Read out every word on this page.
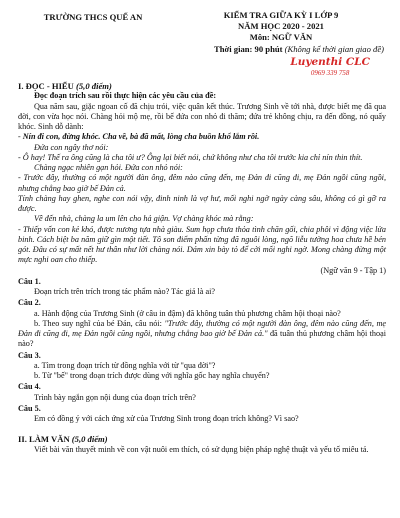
TRƯỜNG THCS QUẾ AN	KIỂM TRA GIỮA KỲ I LỚP 9
NĂM HỌC 2020 - 2021
Môn: NGỮ VĂN
Thời gian: 90 phút (Không kể thời gian giao đề)
Luyenthi CLC
0969 339 758
I. ĐỌC - HIỂU (5,0 điểm)

Đọc đoạn trích sau rồi thực hiện các yêu cầu của đề:

Qua năm sau, giặc ngoan cố đã chịu trói, việc quân kết thúc. Trương Sinh về tới nhà, được biết mẹ đã qua đời, con vừa học nói. Chàng hỏi mộ mẹ, rồi bế đứa con nhỏ đi thăm; đứa trẻ không chịu, ra đến đồng, nó quấy khóc. Sinh dỗ dành:

- Nín đi con, đừng khóc. Cha về, bà đã mất, lòng cha buồn khổ lắm rồi.

Đứa con ngây thơ nói:

- Ô hay! Thế ra ông cũng là cha tôi ư? Ông lại biết nói, chứ không như cha tôi trước kia chỉ nín thin thít.

Chàng ngạc nhiên gạn hỏi. Đứa con nhỏ nói:

- Trước đây, thường có một người đàn ông, đêm nào cũng đến, mẹ Đản đi cũng đi, mẹ Đản ngồi cũng ngồi, nhưng chẳng bao giờ bế Đản cả.

Tính chàng hay ghen, nghe con nói vậy, đinh ninh là vợ hư, mối nghi ngờ ngày càng sâu, không có gì gỡ ra được.

Về đến nhà, chàng la um lên cho hả giận. Vợ chàng khóc mà rằng:

- Thiếp vốn con kẻ khó, được nương tựa nhà giàu. Sum họp chưa thỏa tình chăn gối, chia phôi vì động việc lửa binh. Cách biệt ba năm giữ gìn một tiết. Tô son điểm phấn từng đã nguôi lòng, ngõ liễu tường hoa chưa hề bén gót. Đâu có sự mất nết hư thân như lời chàng nói. Dám xin bày tỏ để cởi mối nghi ngờ. Mong chàng đừng một mực nghi oan cho thiếp.

(Ngữ văn 9 - Tập 1)

Câu 1.

Đoạn trích trên trích trong tác phẩm nào? Tác giả là ai?

Câu 2.

a. Hành động của Trương Sinh (ở câu in đậm) đã không tuân thủ phương châm hội thoại nào?

b. Theo suy nghĩ của bé Đản, câu nói: "Trước đây, thường có một người đàn ông, đêm nào cũng đến, mẹ Đản đi cũng đi, mẹ Đản ngồi cũng ngồi, nhưng chẳng bao giờ bế Đản cả." đã tuân thủ phương châm hội thoại nào?

Câu 3.

a. Tìm trong đoạn trích từ đồng nghĩa với từ "qua đời"?

b. Từ "bế" trong đoạn trích được dùng với nghĩa gốc hay nghĩa chuyển?

Câu 4.

Trình bày ngắn gọn nội dung của đoạn trích trên?

Câu 5.

Em có đồng ý với cách ứng xử của Trương Sinh trong đoạn trích không? Vì sao?

II. LÀM VĂN (5,0 điểm)

Viết bài văn thuyết minh về con vật nuôi em thích, có sử dụng biện pháp nghệ thuật và yếu tố miêu tả.
